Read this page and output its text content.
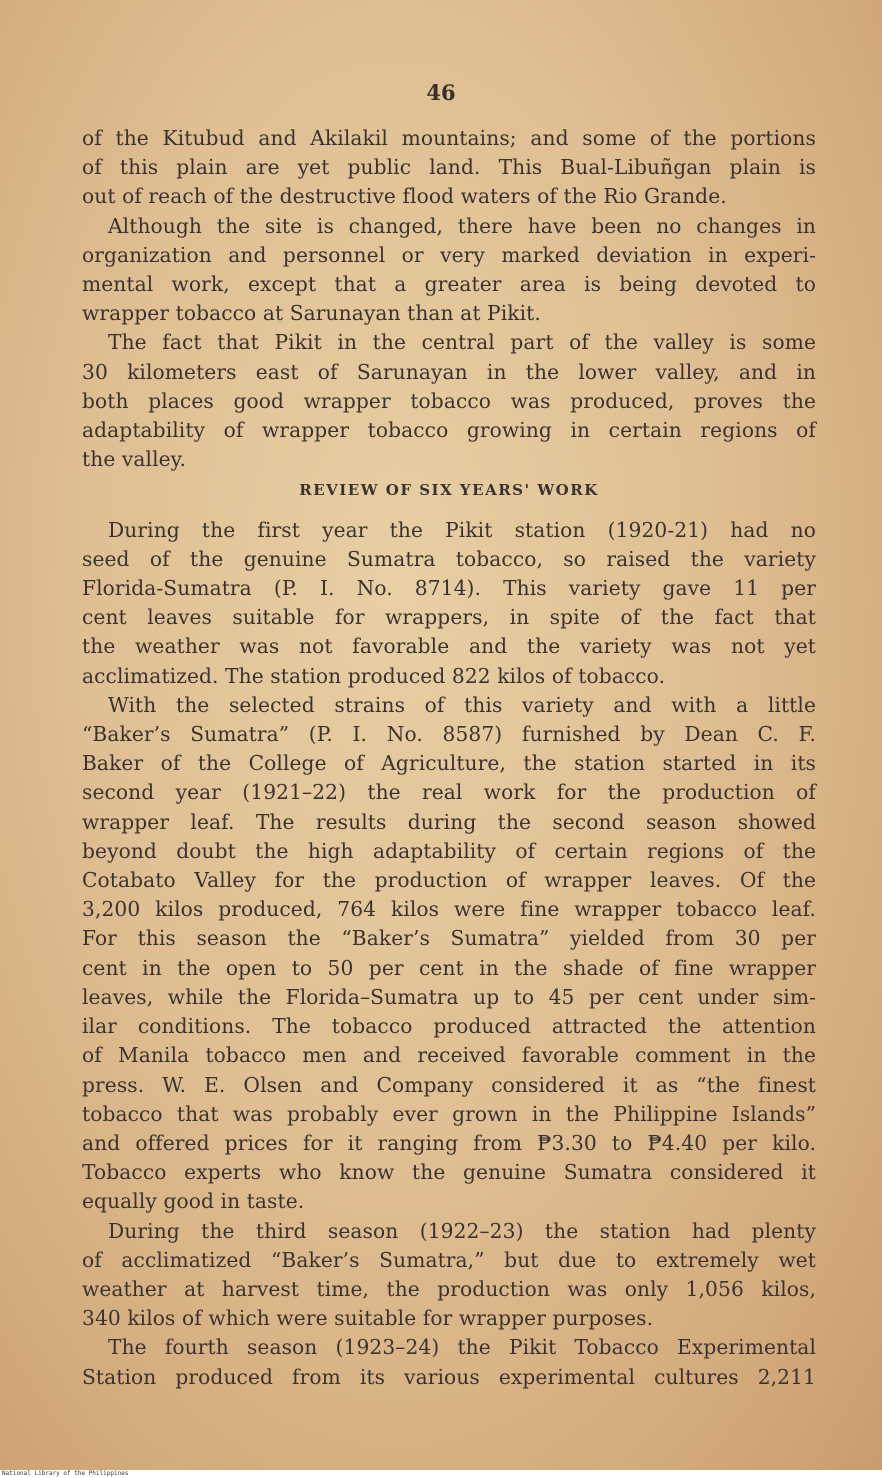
46
of the Kitubud and Akilakil mountains; and some of the portions
of this plain are yet public land. This Bual-Libuñgan plain is
out of reach of the destructive flood waters of the Rio Grande.
Although the site is changed, there have been no changes in
organization and personnel or very marked deviation in experi-
mental work, except that a greater area is being devoted to
wrapper tobacco at Sarunayan than at Pikit.
The fact that Pikit in the central part of the valley is some
30 kilometers east of Sarunayan in the lower valley, and in
both places good wrapper tobacco was produced, proves the
adaptability of wrapper tobacco growing in certain regions of
the valley.
REVIEW OF SIX YEARS' WORK
During the first year the Pikit station (1920-21) had no
seed of the genuine Sumatra tobacco, so raised the variety
Florida-Sumatra (P. I. No. 8714). This variety gave 11 per
cent leaves suitable for wrappers, in spite of the fact that
the weather was not favorable and the variety was not yet
acclimatized. The station produced 822 kilos of tobacco.
With the selected strains of this variety and with a little
“Baker’s Sumatra” (P. I. No. 8587) furnished by Dean C. F.
Baker of the College of Agriculture, the station started in its
second year (1921–22) the real work for the production of
wrapper leaf. The results during the second season showed
beyond doubt the high adaptability of certain regions of the
Cotabato Valley for the production of wrapper leaves. Of the
3,200 kilos produced, 764 kilos were fine wrapper tobacco leaf.
For this season the “Baker’s Sumatra” yielded from 30 per
cent in the open to 50 per cent in the shade of fine wrapper
leaves, while the Florida–Sumatra up to 45 per cent under sim-
ilar conditions. The tobacco produced attracted the attention
of Manila tobacco men and received favorable comment in the
press. W. E. Olsen and Company considered it as “the finest
tobacco that was probably ever grown in the Philippine Islands”
and offered prices for it ranging from ₱3.30 to ₱4.40 per kilo.
Tobacco experts who know the genuine Sumatra considered it
equally good in taste.
During the third season (1922–23) the station had plenty
of acclimatized “Baker’s Sumatra,” but due to extremely wet
weather at harvest time, the production was only 1,056 kilos,
340 kilos of which were suitable for wrapper purposes.
The fourth season (1923–24) the Pikit Tobacco Experimental
Station produced from its various experimental cultures 2,211
National Library of the Philippines
